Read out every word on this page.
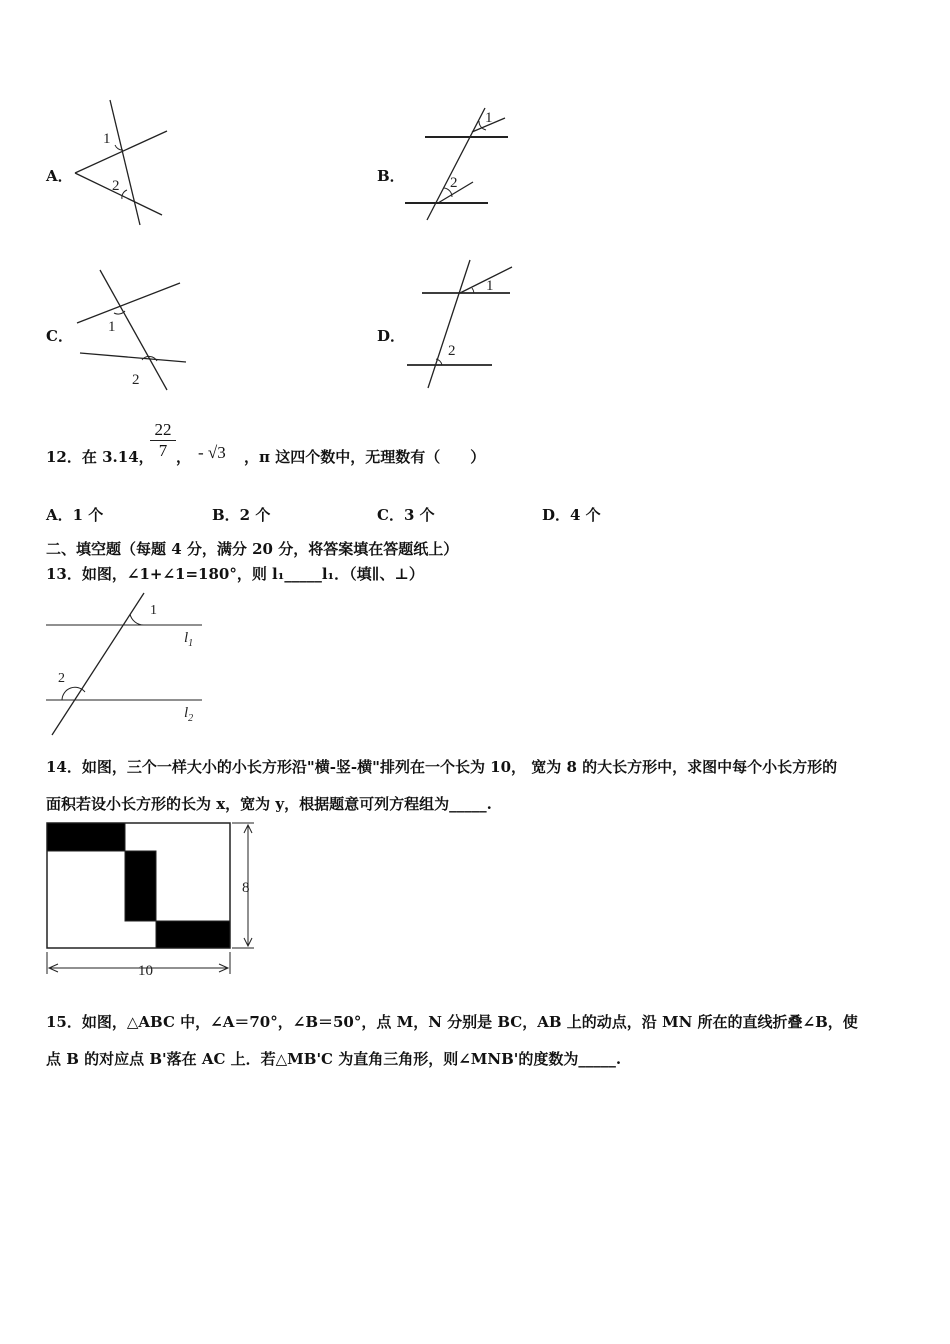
A．
1
2
B．
1
2
C． 1
2
D．
1
2
12．在 3.14，
$\frac{22}{7}$ ， - √3 ，π 这四个数中，无理数有（　　）
A．1 个	B．2 个	C．3 个	D．4 个
二、填空题（每题 4 分，满分 20 分，将答案填在答题纸上）
13．如图，∠1+∠1=180°，则 l₁_____l₁．（填∥、⊥）
1
2
$l_1$
$l_2$
14．如图，三个一样大小的小长方形沿"横-竖-横"排列在一个长为 10， 宽为 8 的大长方形中，求图中每个小长方形的
面积若设小长方形的长为 x，宽为 y，根据题意可列方程组为_____.
8
10
15．如图，△ABC 中，∠A＝70°，∠B＝50°，点 M，N 分别是 BC，AB 上的动点，沿 MN 所在的直线折叠∠B，使
点 B 的对应点 B'落在 AC 上．若△MB'C 为直角三角形，则∠MNB'的度数为_____.
